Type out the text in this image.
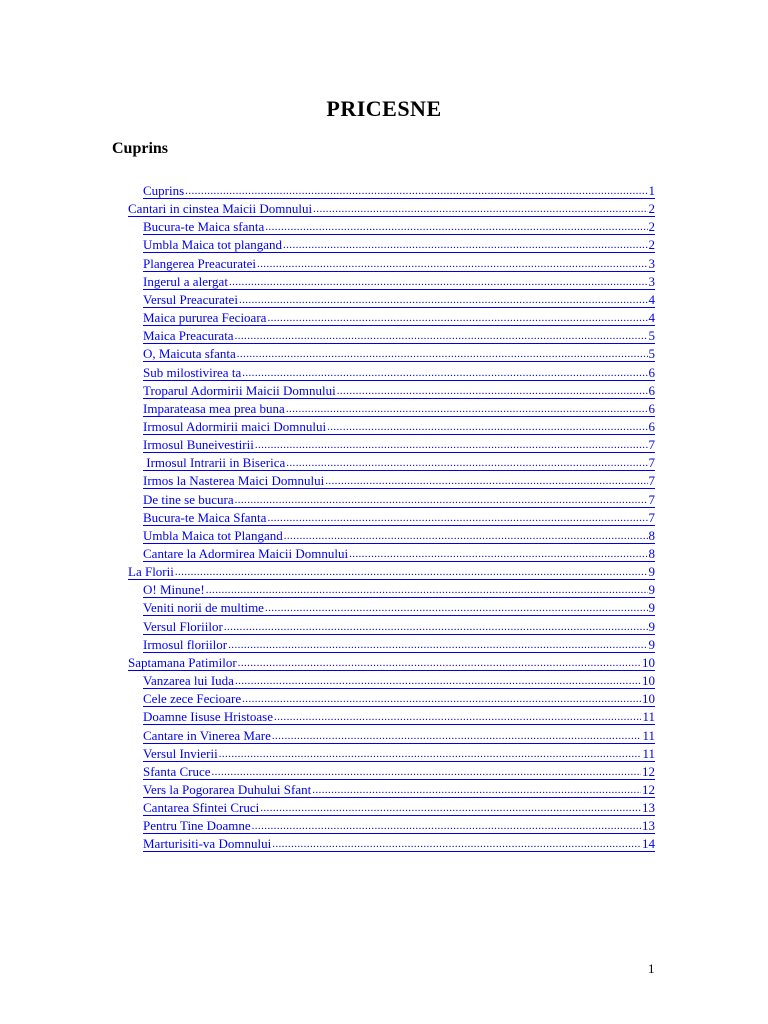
PRICESNE
Cuprins
Cuprins .....	1
Cantari in cinstea Maicii Domnului .....	2
Bucura-te Maica sfanta .....	2
Umbla Maica tot plangand .....	2
Plangerea Preacuratei .....	3
Ingerul a alergat .....	3
Versul Preacuratei .....	4
Maica pururea Fecioara .....	4
Maica Preacurata .....	5
O, Maicuta sfanta .....	5
Sub milostivirea ta .....	6
Troparul Adormirii Maicii Domnului .....	6
Imparateasa mea prea buna .....	6
Irmosul Adormirii maici Domnului .....	6
Irmosul Buneivestirii .....	7
Irmosul Intrarii in Biserica .....	7
Irmos la Nasterea Maici Domnului .....	7
De tine se bucura .....	7
Bucura-te Maica Sfanta .....	7
Umbla Maica tot Plangand .....	8
Cantare la Adormirea Maicii Domnului .....	8
La Florii .....	9
O! Minune! .....	9
Veniti norii de multime .....	9
Versul Floriilor .....	9
Irmosul floriilor .....	9
Saptamana Patimilor .....	10
Vanzarea lui Iuda .....	10
Cele zece Fecioare .....	10
Doamne Iisuse Hristoase .....	11
Cantare in Vinerea Mare .....	11
Versul Invierii .....	11
Sfanta Cruce .....	12
Vers la Pogorarea Duhului Sfant .....	12
Cantarea Sfintei Cruci .....	13
Pentru Tine Doamne .....	13
Marturisiti-va Domnului .....	14
1
